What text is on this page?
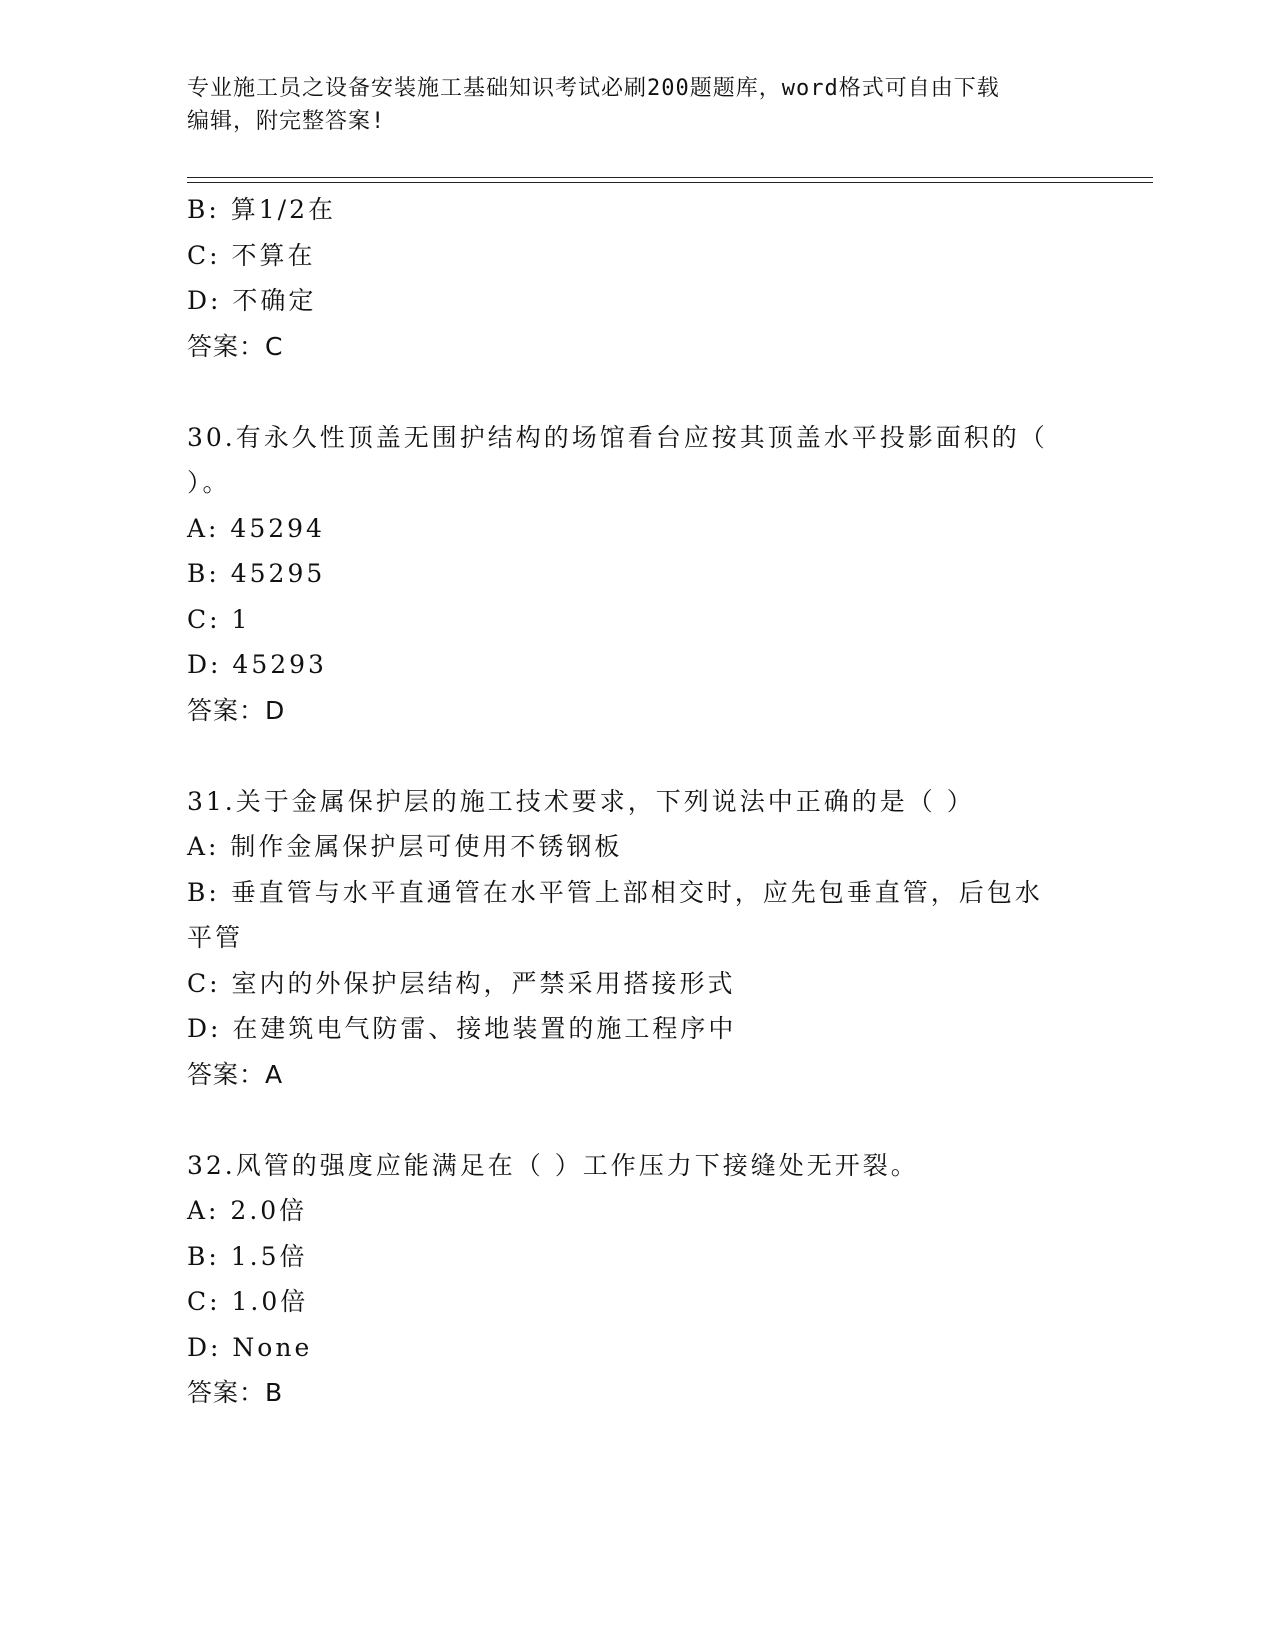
专业施工员之设备安装施工基础知识考试必刷200题题库，word格式可自由下载
编辑，附完整答案!
B: 算1/2在
C: 不算在
D: 不确定
答案：C
30.有永久性顶盖无围护结构的场馆看台应按其顶盖水平投影面积的（
）。
A: 45294
B: 45295
C: 1
D: 45293
答案：D
31.关于金属保护层的施工技术要求，下列说法中正确的是（ ）
A: 制作金属保护层可使用不锈钢板
B: 垂直管与水平直通管在水平管上部相交时，应先包垂直管，后包水
平管
C: 室内的外保护层结构，严禁采用搭接形式
D: 在建筑电气防雷、接地装置的施工程序中
答案：A
32.风管的强度应能满足在（ ）工作压力下接缝处无开裂。
A: 2.0倍
B: 1.5倍
C: 1.0倍
D: None
答案：B
